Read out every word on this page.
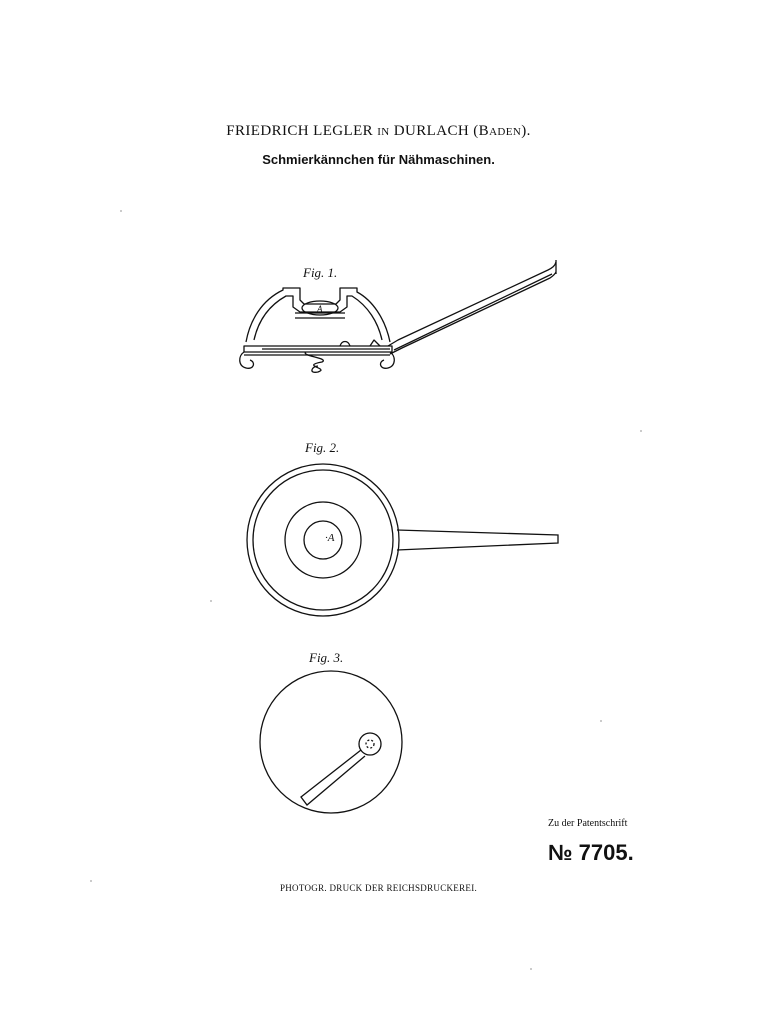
FRIEDRICH LEGLER IN DURLACH (BADEN).
Schmierkännchen für Nähmaschinen.
Fig. 1.
Fig. 2.
Fig. 3.
A
·A
Zu der Patentschrift
№ 7705.
PHOTOGR. DRUCK DER REICHSDRUCKEREI.
